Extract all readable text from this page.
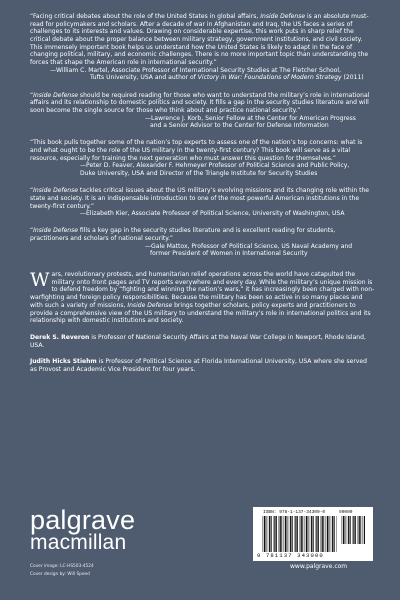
“Facing critical debates about the role of the United States in global affairs, Inside Defense is an absolute must-read for policymakers and scholars. After a decade of war in Afghanistan and Iraq, the US faces a series of challenges to its interests and values. Drawing on considerable expertise, this work puts in sharp relief the critical debate about the proper balance between military strategy, government institutions, and civil society. This immensely important book helps us understand how the United States is likely to adapt in the face of changing political, military, and economic challenges. There is no more important topic than understanding the forces that shape the American role in international security.”

—William C. Martel, Associate Professor of International Security Studies at The Fletcher School,

Tufts University, USA and author of Victory in War: Foundations of Modern Strategy (2011)

“Inside Defense should be required reading for those who want to understand the military’s role in international affairs and its relationship to domestic politics and society. It fills a gap in the security studies literature and will soon become the single source for those who think about and practice national security.”

—Lawrence J. Korb, Senior Fellow at the Center for American Progress

and a Senior Advisor to the Center for Defense Information

“This book pulls together some of the nation’s top experts to assess one of the nation’s top concerns: what is and what ought to be the role of the US military in the twenty-first century? This book will serve as a vital resource, especially for training the next generation who must answer this question for themselves.”

—Peter D. Feaver, Alexander F. Hehmeyer Professor of Political Science and Public Policy,

Duke University, USA and Director of the Triangle Institute for Security Studies

“Inside Defense tackles critical issues about the US military’s evolving missions and its changing role within the state and society. It is an indispensable introduction to one of the most powerful American institutions in the twenty-first century.”

—Elizabeth Kier, Associate Professor of Political Science, University of Washington, USA

“Inside Defense fills a key gap in the security studies literature and is excellent reading for students, practitioners and scholars of national security.”

—Gale Mattox, Professor of Political Science, US Naval Academy and

former President of Women in International Security

Wars, revolutionary protests, and humanitarian relief operations across the world have catapulted the military onto front pages and TV reports everywhere and every day. While the military’s unique mission is to defend freedom by “fighting and winning the nation’s wars,” it has increasingly been charged with non-warfighting and foreign policy responsibilities. Because the military has been so active in so many places and with such a variety of missions, Inside Defense brings together scholars, policy experts and practitioners to provide a comprehensive view of the US military to understand the military’s role in international politics and its relationship with domestic institutions and society.

Derek S. Reveron is Professor of National Security Affairs at the Naval War College in Newport, Rhode Island, USA.

Judith Hicks Stiehm is Professor of Political Science at Florida International University, USA where she served as Provost and Academic Vice President for four years.

palgrave
macmillan
Cover image: LC-HS503-4524
Cover design by: Will Speed
ISBN: 978-1-137-34300-0
9 781137 343000
90000
www.palgrave.com
